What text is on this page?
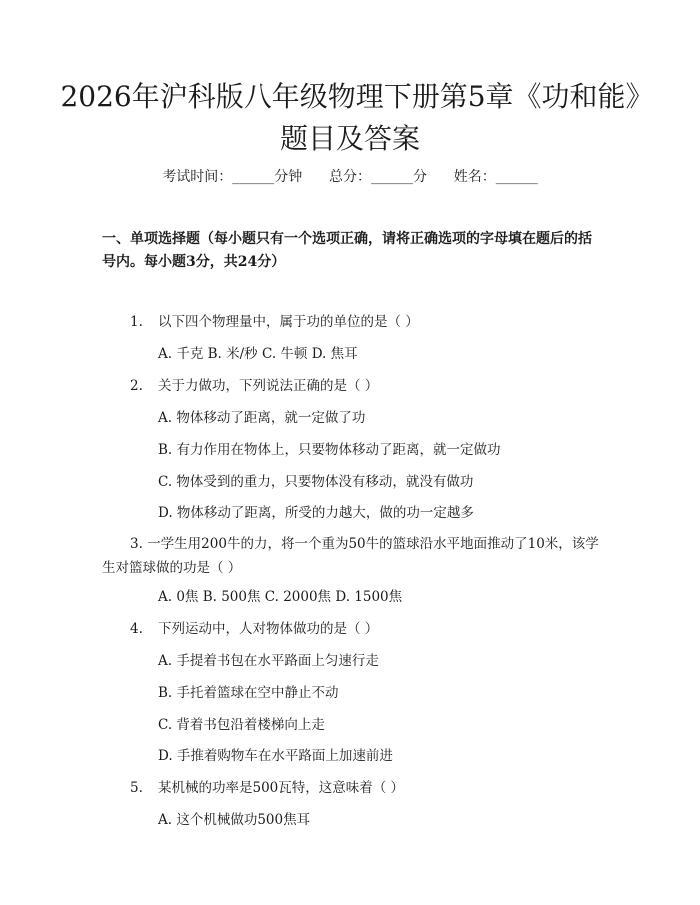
2026年沪科版八年级物理下册第5章《功和能》题目及答案
考试时间：______分钟 总分：______分 姓名：______

一、单项选择题（每小题只有一个选项正确，请将正确选项的字母填在题后的括号内。每小题3分，共24分）

1. 以下四个物理量中，属于功的单位的是（ ）
A. 千克 B. 米/秒 C. 牛顿 D. 焦耳
2. 关于力做功，下列说法正确的是（ ）
A. 物体移动了距离，就一定做了功
B. 有力作用在物体上，只要物体移动了距离，就一定做功
C. 物体受到的重力，只要物体没有移动，就没有做功
D. 物体移动了距离，所受的力越大，做的功一定越多
3. 一学生用200牛的力，将一个重为50牛的篮球沿水平地面推动了10米，该学生对篮球做的功是（ ）
A. 0焦 B. 500焦 C. 2000焦 D. 1500焦
4. 下列运动中，人对物体做功的是（ ）
A. 手提着书包在水平路面上匀速行走
B. 手托着篮球在空中静止不动
C. 背着书包沿着楼梯向上走
D. 手推着购物车在水平路面上加速前进
5. 某机械的功率是500瓦特，这意味着（ ）
A. 这个机械做功500焦耳
